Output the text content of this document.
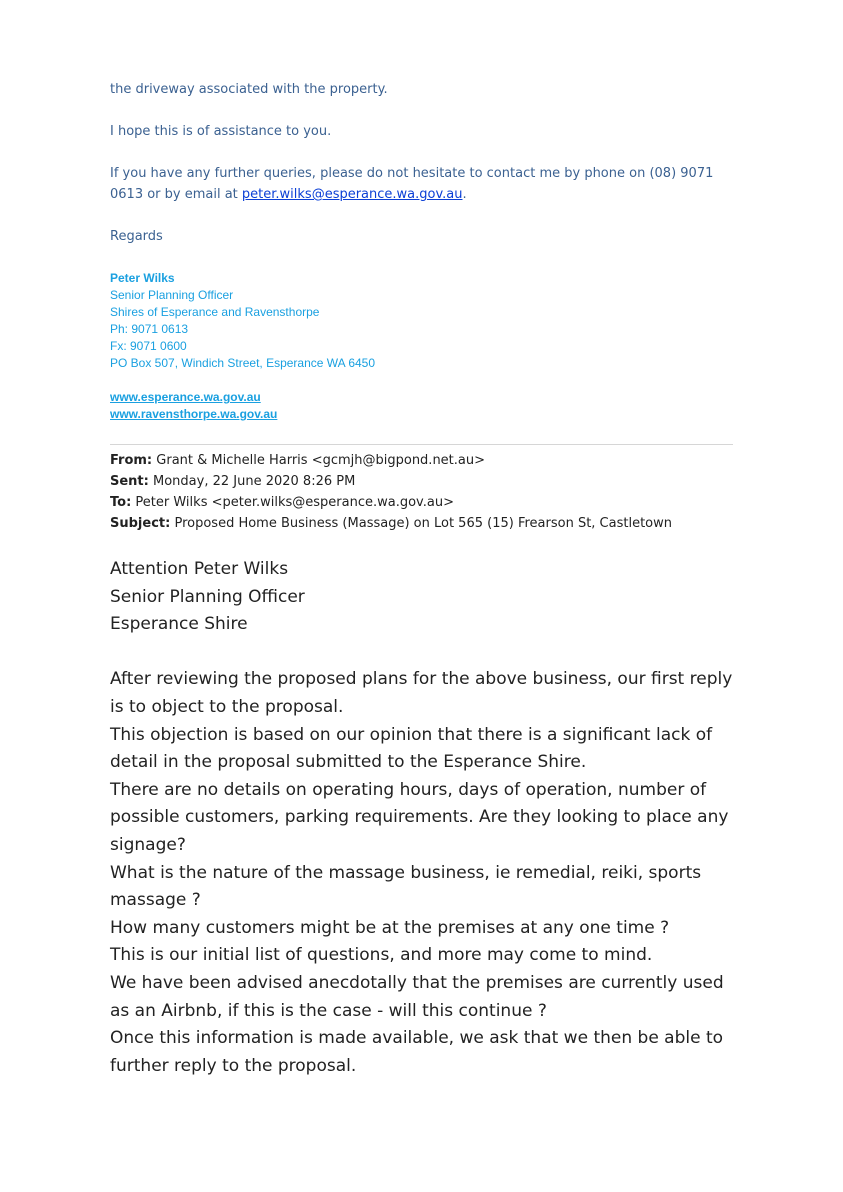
the driveway associated with the property.

I hope this is of assistance to you.

If you have any further queries, please do not hesitate to contact me by phone on (08) 9071 0613 or by email at peter.wilks@esperance.wa.gov.au.

Regards

Peter Wilks
Senior Planning Officer
Shires of Esperance and Ravensthorpe
Ph: 9071 0613
Fx: 9071 0600
PO Box 507, Windich Street, Esperance WA 6450
www.esperance.wa.gov.au
www.ravensthorpe.wa.gov.au
From: Grant & Michelle Harris <gcmjh@bigpond.net.au>
Sent: Monday, 22 June 2020 8:26 PM
To: Peter Wilks <peter.wilks@esperance.wa.gov.au>
Subject: Proposed Home Business (Massage) on Lot 565 (15) Frearson St, Castletown

Attention Peter Wilks

Senior Planning Officer

Esperance Shire

After reviewing the proposed plans for the above business, our first reply is to object to the proposal.

This objection is based on our opinion that there is a significant lack of detail in the proposal submitted to the Esperance Shire.

There are no details on operating hours, days of operation, number of possible customers, parking requirements. Are they looking to place any signage?

What is the nature of the massage business, ie remedial, reiki, sports massage ?

How many customers might be at the premises at any one time ?

This is our initial list of questions, and more may come to mind.

We have been advised anecdotally that the premises are currently used as an Airbnb, if this is the case - will this continue ?

Once this information is made available, we ask that we then be able to further reply to the proposal.
